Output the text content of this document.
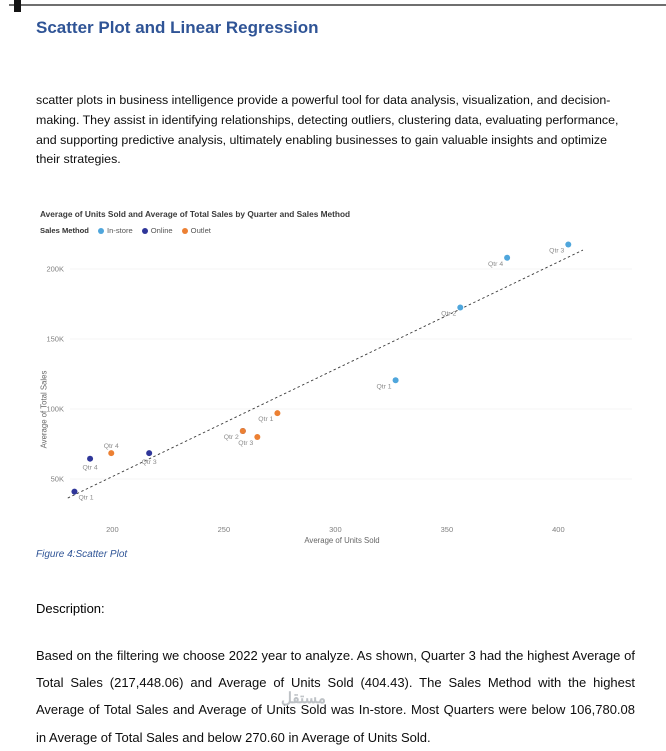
Scatter Plot and Linear Regression

scatter plots in business intelligence provide a powerful tool for data analysis, visualization, and decision-making. They assist in identifying relationships, detecting outliers, clustering data, evaluating performance, and supporting predictive analysis, ultimately enabling businesses to gain valuable insights and optimize their strategies.

Average of Units Sold and Average of Total Sales by Quarter and Sales Method
Sales Method In-store Online Outlet
Average of Total Sales
50K
100K
150K
200K
200	250	300	350	400
Qtr 1
Qtr 2
Qtr 3
Qtr 4
Qtr 1
Qtr 3
Qtr 4
Qtr 1
Qtr 2
Qtr 3
Qtr 4
Average of Units Sold
Figure 4:Scatter Plot
Description:

Based on the filtering we choose 2022 year to analyze. As shown, Quarter 3 had the highest Average of Total Sales (217,448.06) and Average of Units Sold (404.43). The Sales Method with the highest Average of Total Sales and Average of Units Sold was In-store. Most Quarters were below 106,780.08 in Average of Total Sales and below 270.60 in Average of Units Sold.

مستقل
